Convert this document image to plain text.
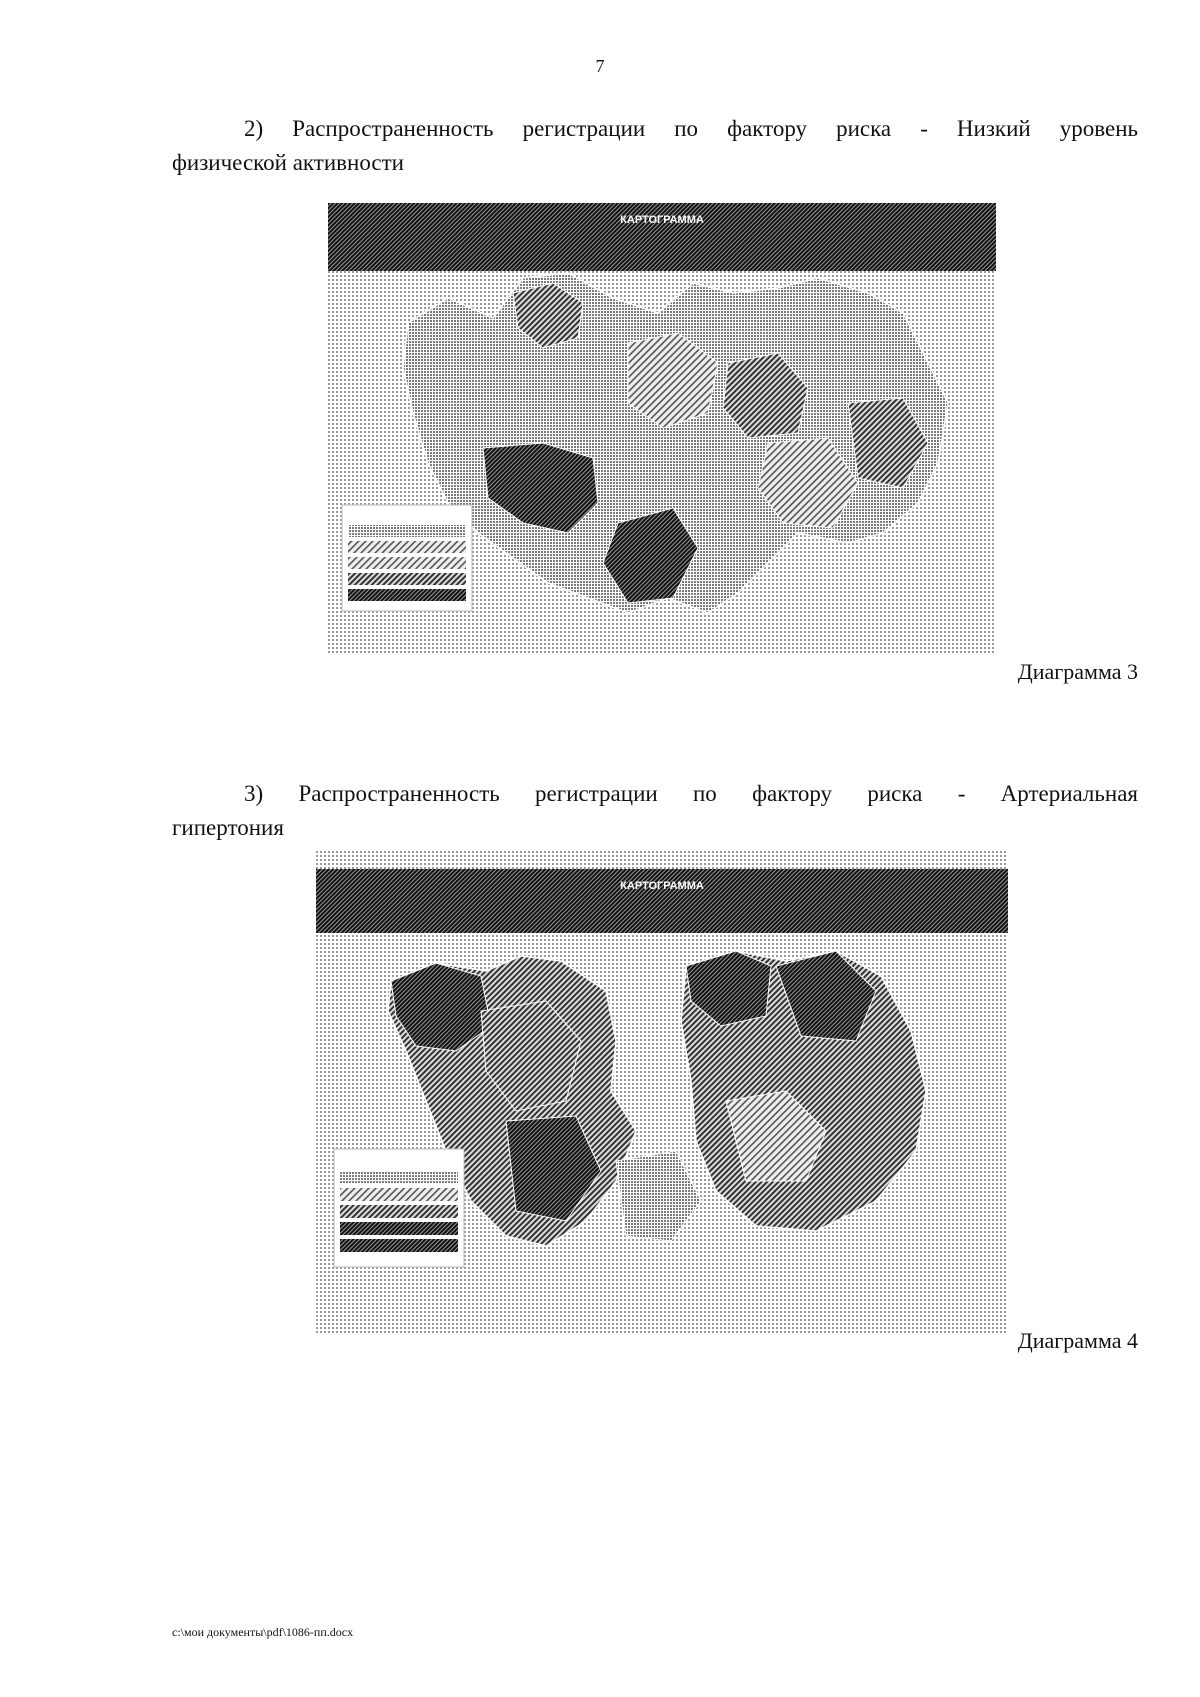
7
2) Распространенность регистрации по фактору риска - Низкий уровень
физической активности
КАРТОГРАММА
Диаграмма 3
3) Распространенность регистрации по фактору риска - Артериальная
гипертония
КАРТОГРАММА
Диаграмма 4
c:\мои документы\pdf\1086-пп.docx
